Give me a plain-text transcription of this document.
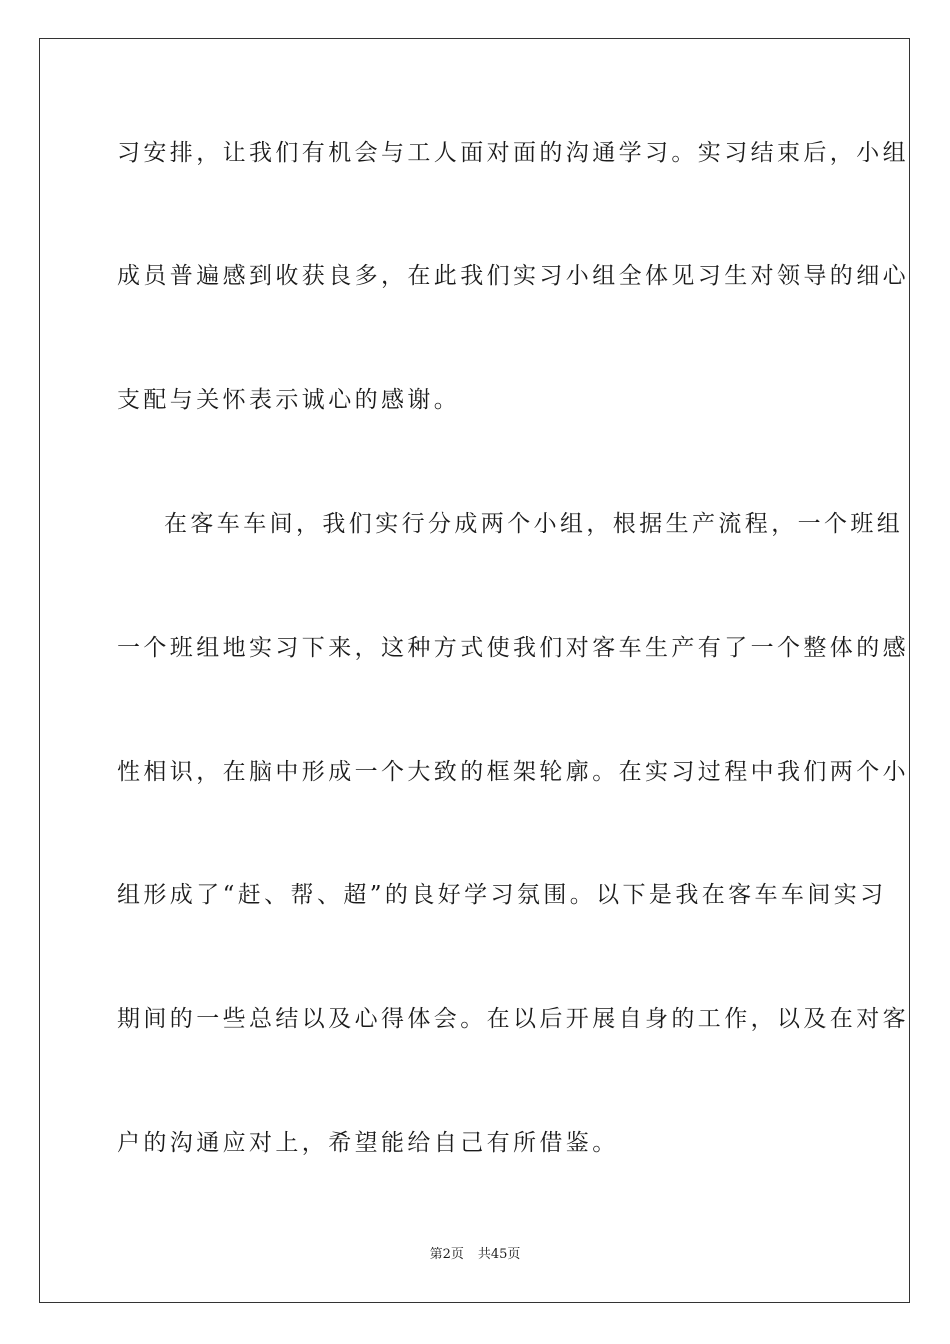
习安排，让我们有机会与工人面对面的沟通学习。实习结束后，小组
成员普遍感到收获良多，在此我们实习小组全体见习生对领导的细心
支配与关怀表示诚心的感谢。
在客车车间，我们实行分成两个小组，根据生产流程，一个班组
一个班组地实习下来，这种方式使我们对客车生产有了一个整体的感
性相识，在脑中形成一个大致的框架轮廓。在实习过程中我们两个小
组形成了“赶、帮、超”的良好学习氛围。以下是我在客车车间实习
期间的一些总结以及心得体会。在以后开展自身的工作，以及在对客
户的沟通应对上，希望能给自己有所借鉴。
第2页 共45页
